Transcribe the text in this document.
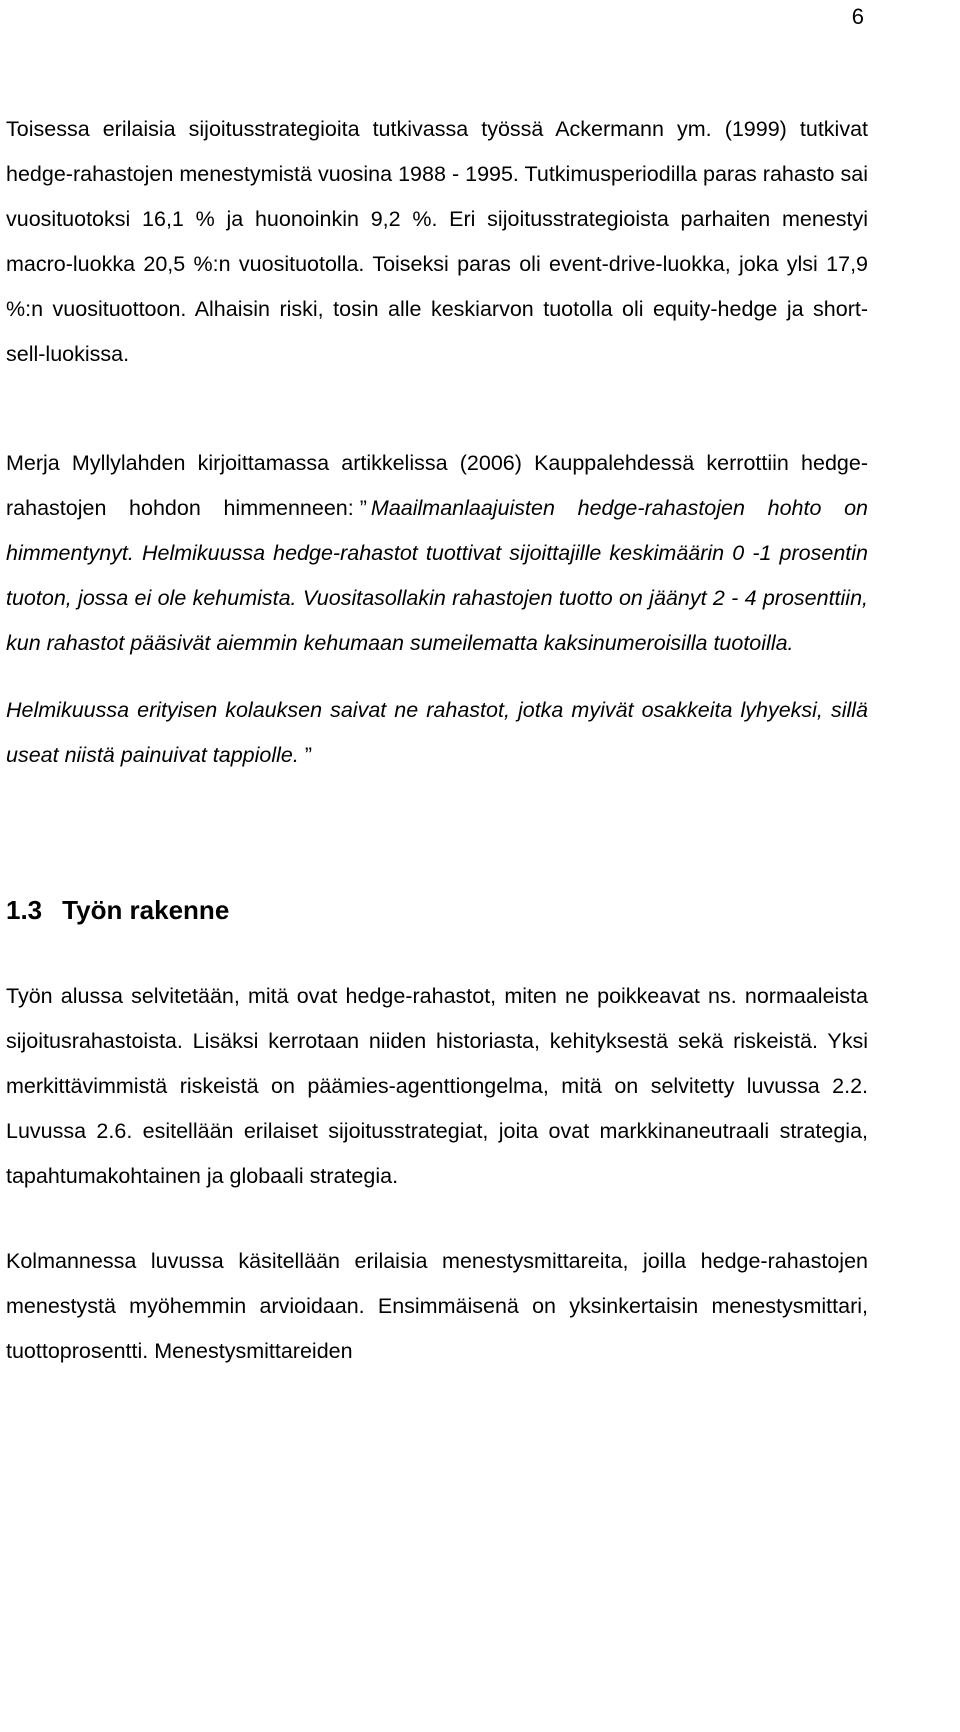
6

Toisessa erilaisia sijoitusstrategioita tutkivassa työssä Ackermann ym. (1999) tutkivat hedge-rahastojen menestymistä vuosina 1988 - 1995. Tutkimusperiodilla paras rahasto sai vuosituotoksi 16,1 % ja huonoinkin 9,2 %. Eri sijoitusstrategioista parhaiten menestyi macro-luokka 20,5 %:n vuosituotolla. Toiseksi paras oli event-drive-luokka, joka ylsi 17,9 %:n vuosituottoon. Alhaisin riski, tosin alle keskiarvon tuotolla oli equity-hedge ja short-sell-luokissa.

Merja Myllylahden kirjoittamassa artikkelissa (2006) Kauppalehdessä kerrottiin hedge-rahastojen hohdon himmenneen: ” Maailmanlaajuisten hedge-rahastojen hohto on himmentynyt. Helmikuussa hedge-rahastot tuottivat sijoittajille keskimäärin 0 -1 prosentin tuoton, jossa ei ole kehumista. Vuositasollakin rahastojen tuotto on jäänyt 2 - 4 prosenttiin, kun rahastot pääsivät aiemmin kehumaan sumeilematta kaksinumeroisilla tuotoilla.

Helmikuussa erityisen kolauksen saivat ne rahastot, jotka myivät osakkeita lyhyeksi, sillä useat niistä painuivat tappiolle. ”

1.3 Työn rakenne

Työn alussa selvitetään, mitä ovat hedge-rahastot, miten ne poikkeavat ns. normaaleista sijoitusrahastoista. Lisäksi kerrotaan niiden historiasta, kehityksestä sekä riskeistä. Yksi merkittävimmistä riskeistä on päämies-agenttiongelma, mitä on selvitetty luvussa 2.2. Luvussa 2.6. esitellään erilaiset sijoitusstrategiat, joita ovat markkinaneutraali strategia, tapahtumakohtainen ja globaali strategia.

Kolmannessa luvussa käsitellään erilaisia menestysmittareita, joilla hedge-rahastojen menestystä myöhemmin arvioidaan. Ensimmäisenä on yksinkertaisin menestysmittari, tuottoprosentti. Menestysmittareiden
